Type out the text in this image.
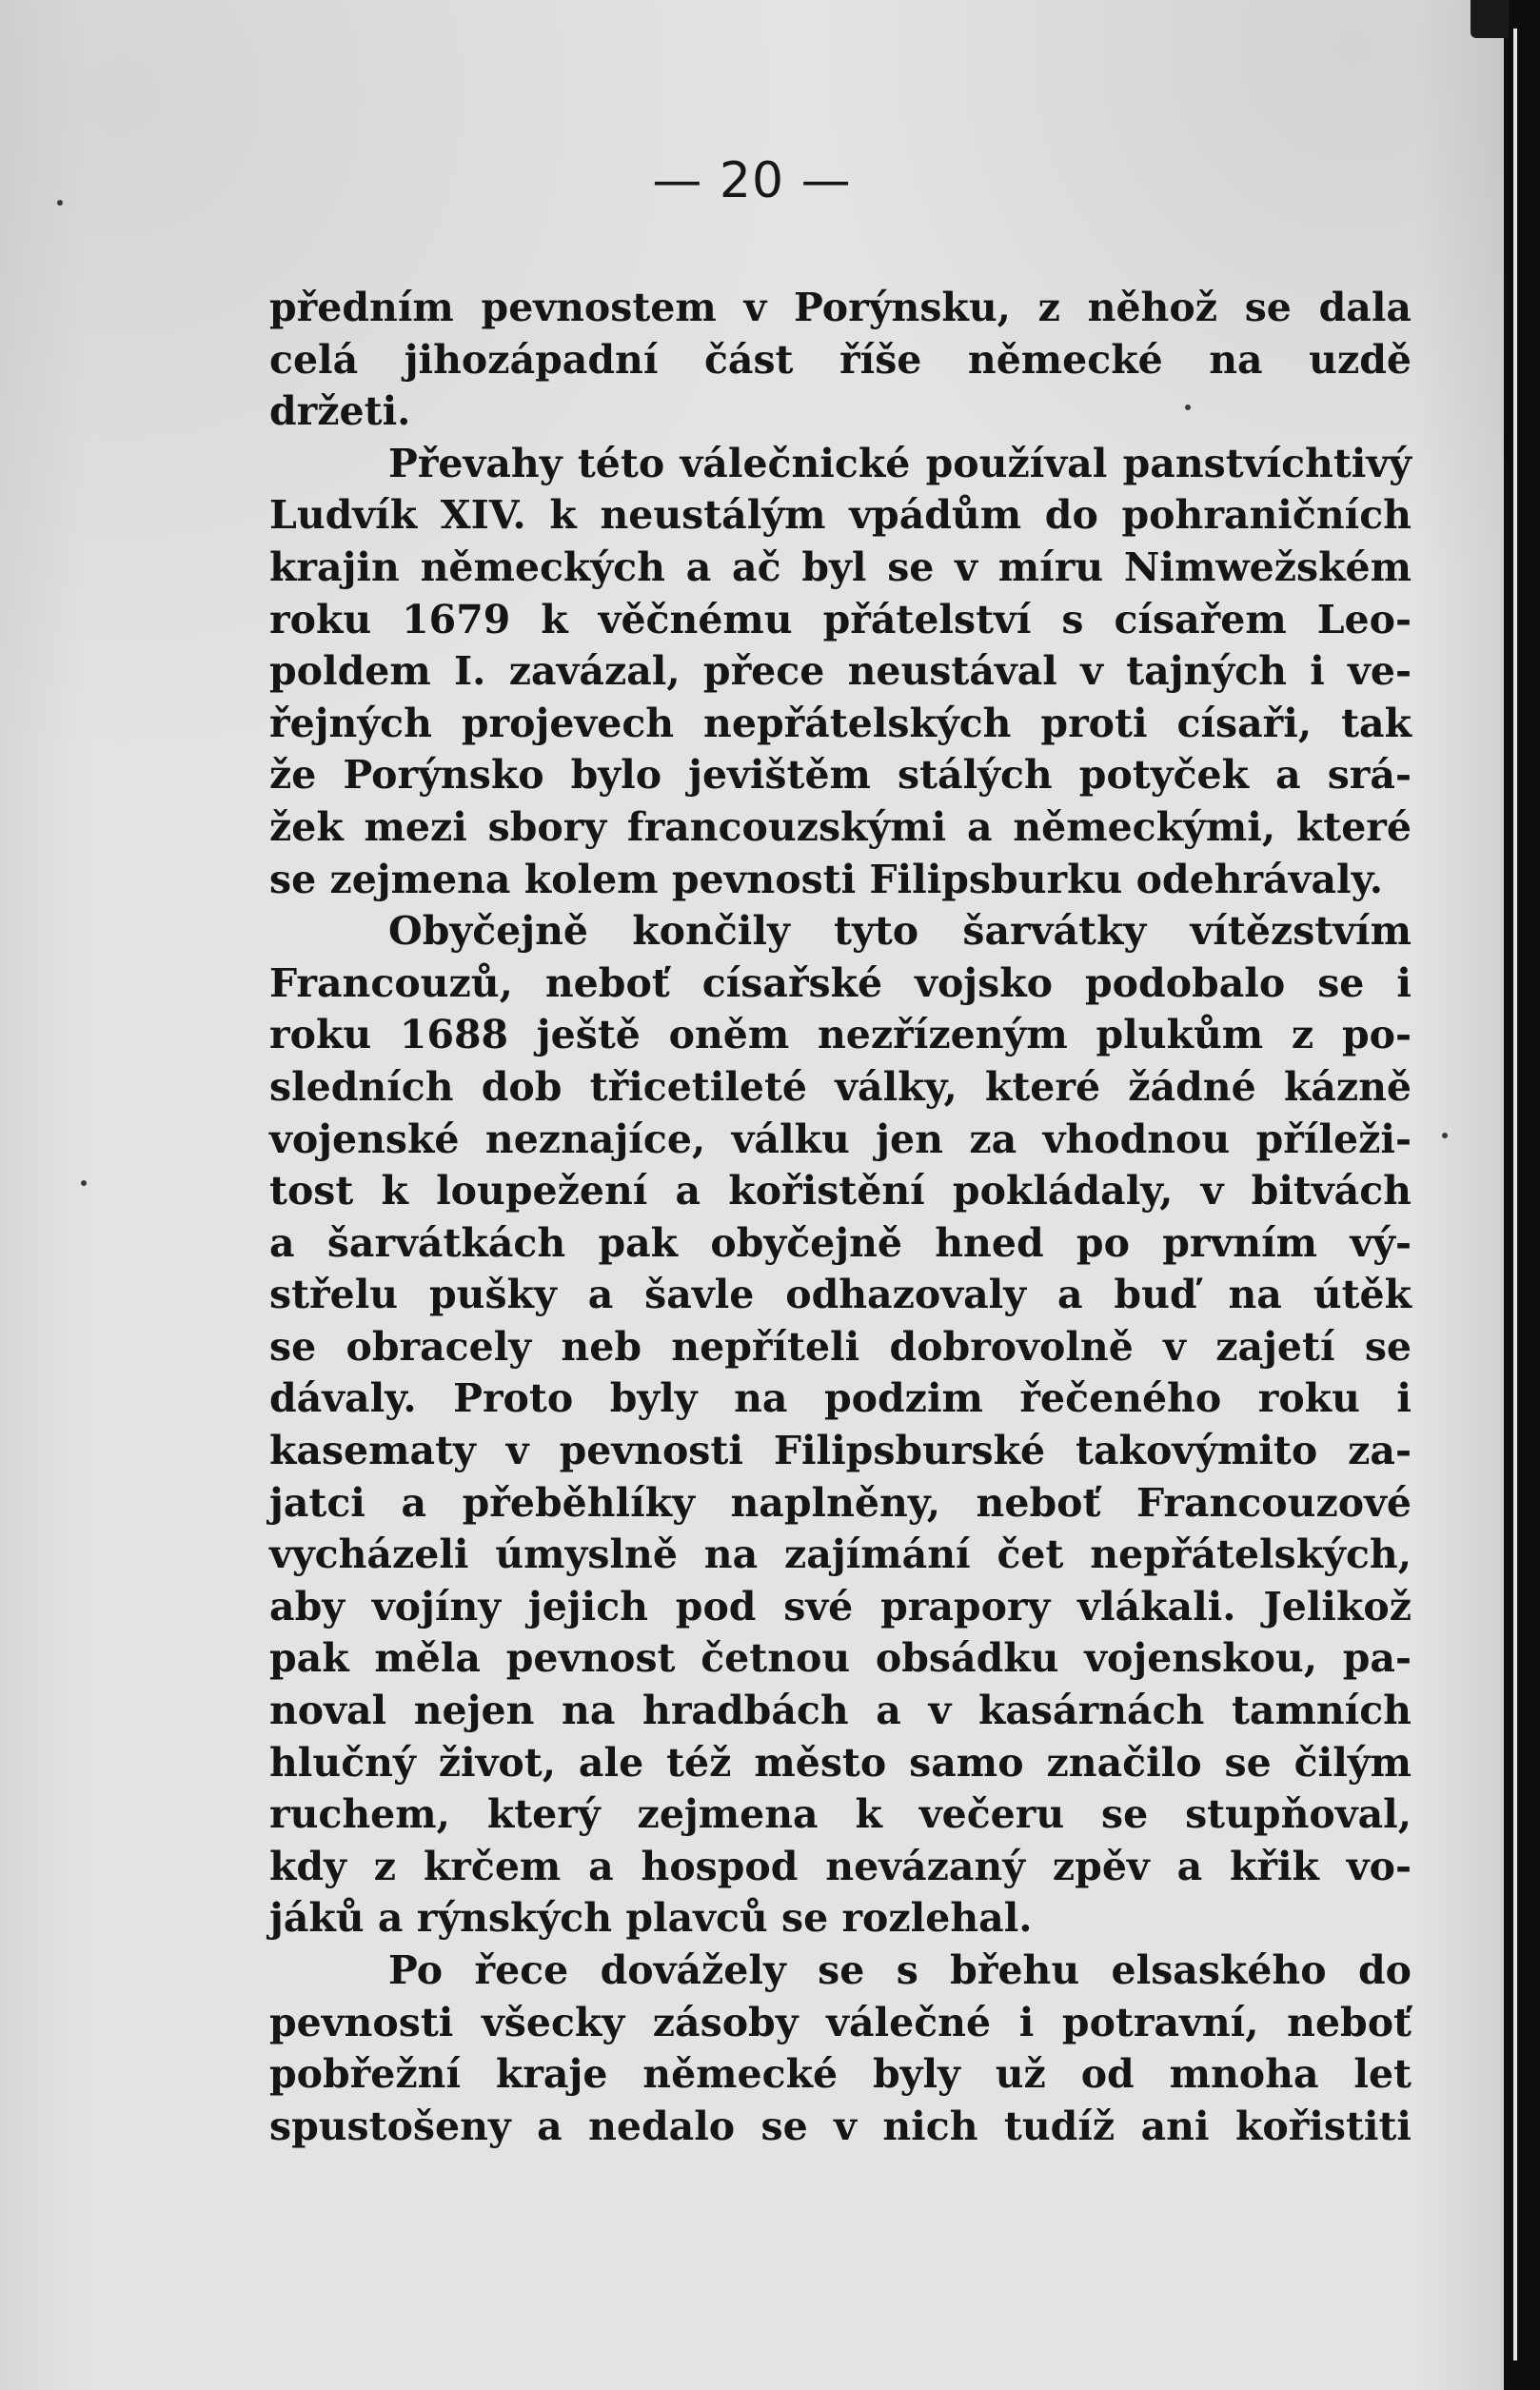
— 20 —
předním pevnostem v Porýnsku, z něhož se dala
celá jihozápadní část říše německé na uzdě
držeti.
Převahy této válečnické používal panstvíchtivý
Ludvík XIV. k neustálým vpádům do pohraničních
krajin německých a ač byl se v míru Nimwežském
roku 1679 k věčnému přátelství s císařem Leo-
poldem I. zavázal, přece neustával v tajných i ve-
řejných projevech nepřátelských proti císaři, tak
že Porýnsko bylo jevištěm stálých potyček a srá-
žek mezi sbory francouzskými a německými, které
se zejmena kolem pevnosti Filipsburku odehrávaly.
Obyčejně končily tyto šarvátky vítězstvím
Francouzů, neboť císařské vojsko podobalo se i
roku 1688 ještě oněm nezřízeným plukům z po-
sledních dob třicetileté války, které žádné kázně
vojenské neznajíce, válku jen za vhodnou příleži-
tost k loupežení a kořistění pokládaly, v bitvách
a šarvátkách pak obyčejně hned po prvním vý-
střelu pušky a šavle odhazovaly a buď na útěk
se obracely neb nepříteli dobrovolně v zajetí se
dávaly. Proto byly na podzim řečeného roku i
kasematy v pevnosti Filipsburské takovýmito za-
jatci a přeběhlíky naplněny, neboť Francouzové
vycházeli úmyslně na zajímání čet nepřátelských,
aby vojíny jejich pod své prapory vlákali. Jelikož
pak měla pevnost četnou obsádku vojenskou, pa-
noval nejen na hradbách a v kasárnách tamních
hlučný život, ale též město samo značilo se čilým
ruchem, který zejmena k večeru se stupňoval,
kdy z krčem a hospod nevázaný zpěv a křik vo-
jáků a rýnských plavců se rozlehal.
Po řece dovážely se s břehu elsaského do
pevnosti všecky zásoby válečné i potravní, neboť
pobřežní kraje německé byly už od mnoha let
spustošeny a nedalo se v nich tudíž ani kořistiti
